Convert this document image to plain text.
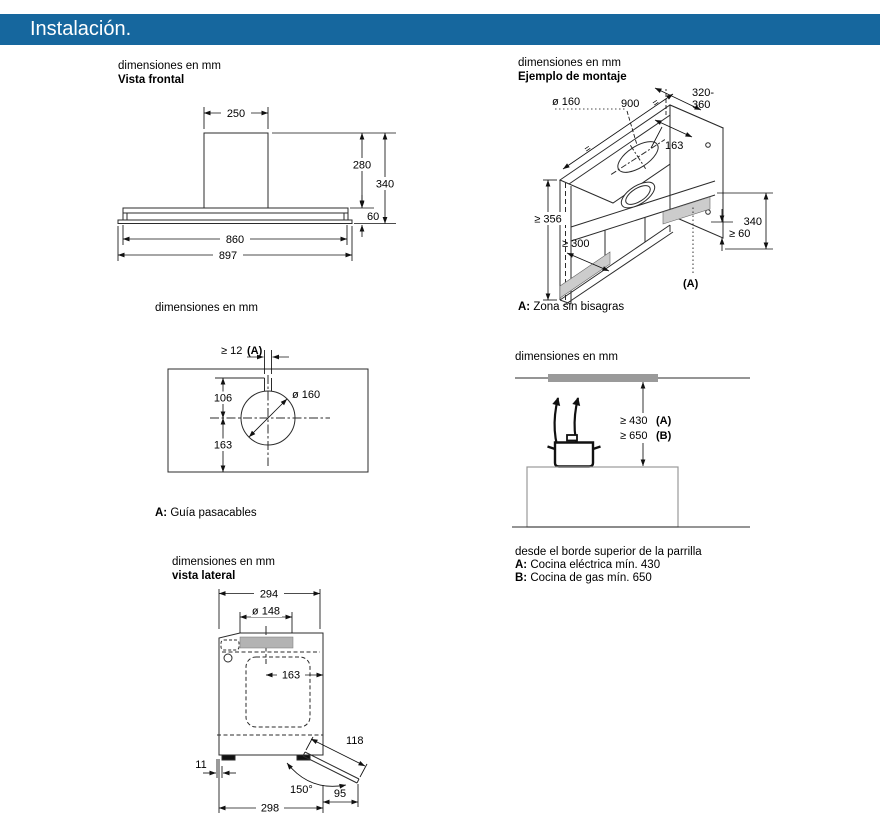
Instalación.
dimensiones en mm
Vista frontal
dimensiones en mm
Ejemplo de montaje
A: Zona sin bisagras
dimensiones en mm
A: Guía pasacables
dimensiones en mm
desde el borde superior de la parrilla
A: Cocina eléctrica mín. 430
B: Cocina de gas mín. 650
dimensiones en mm
vista lateral
250
280
340
60
860
897
ø 160	900
=
=
320-
360
163
≥ 356
≥ 300
340
≥ 60
(A)
≥ 12 (A)
106
163
ø 160
≥ 430 (A)
≥ 650 (B)
294
ø 148
163
11
118
150°
298
95
